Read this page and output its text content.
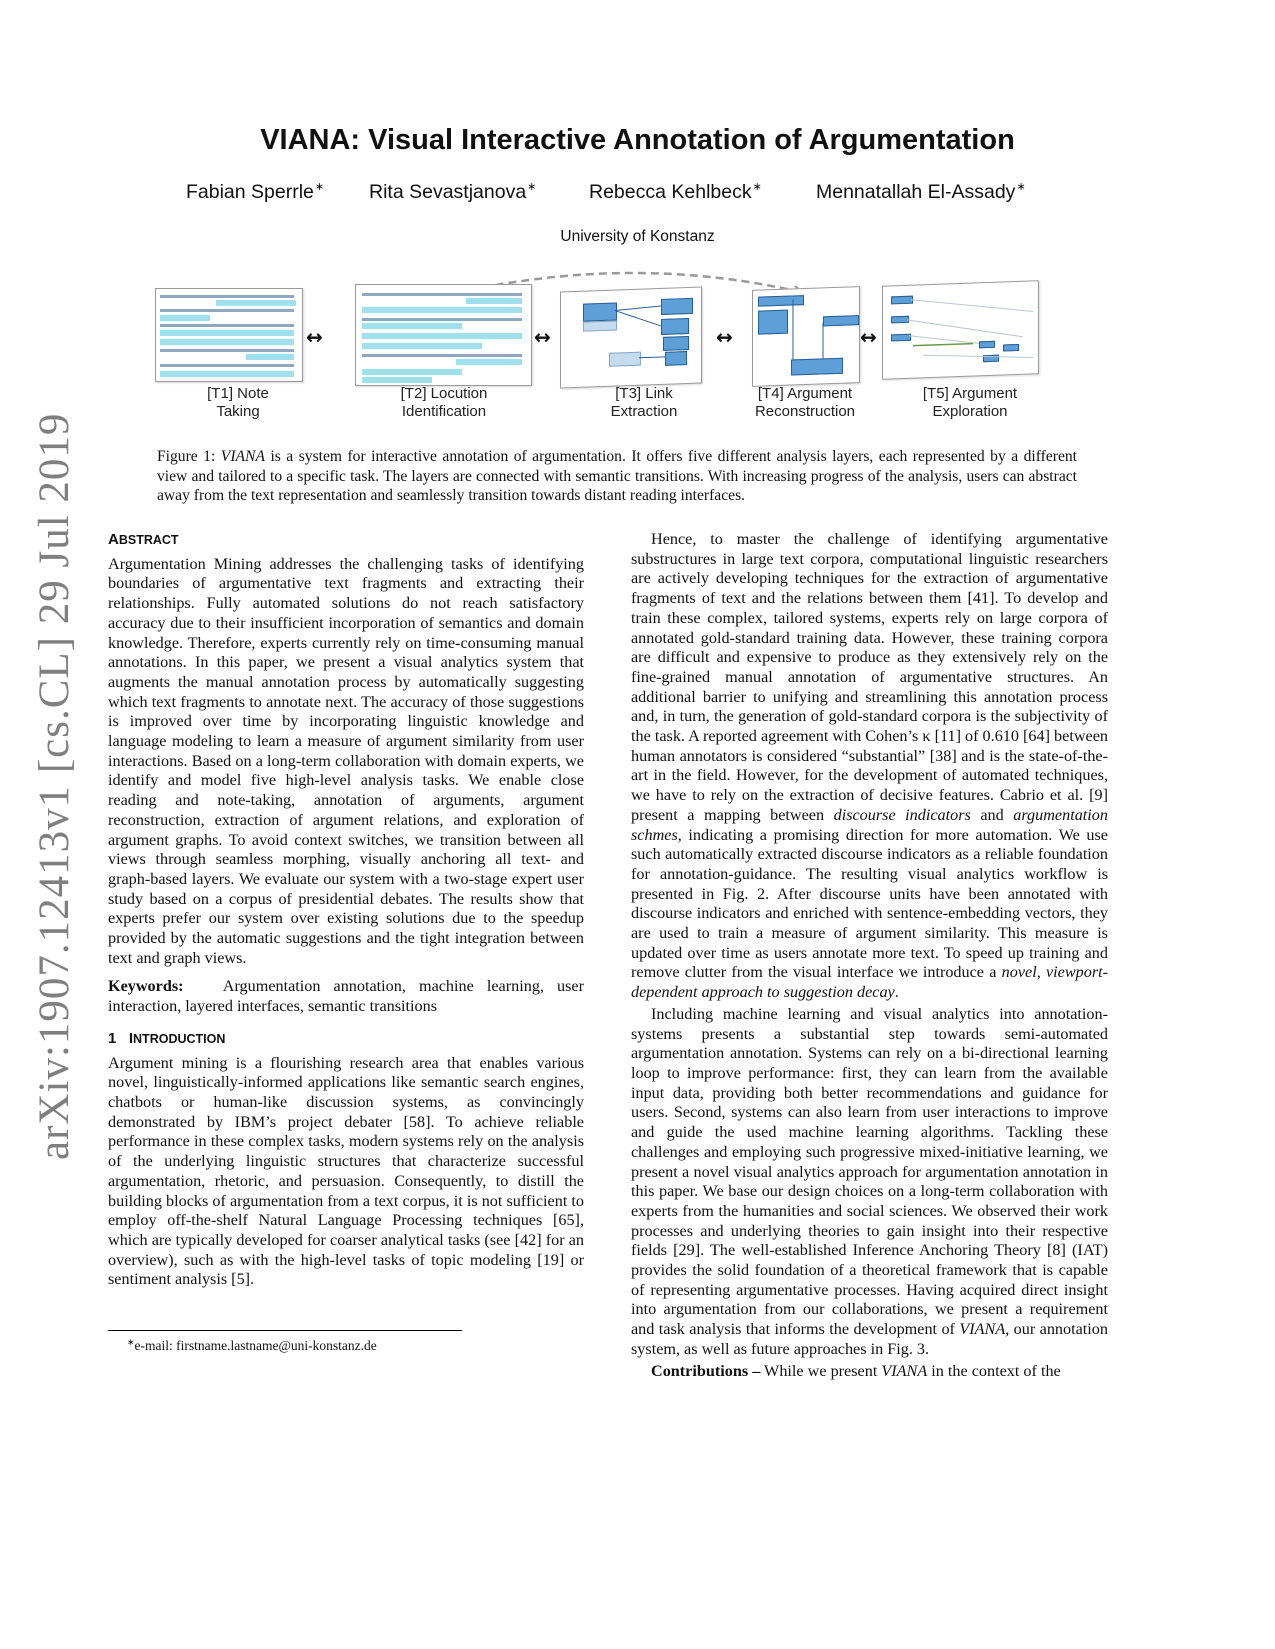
arXiv:1907.12413v1 [cs.CL] 29 Jul 2019
VIANA: Visual Interactive Annotation of Argumentation
Fabian Sperrle∗ Rita Sevastjanova∗	Rebecca Kehlbeck∗	Mennatallah El-Assady∗
University of Konstanz
↔	↔	↔	↔
[T1] Note
Taking
[T2] Locution
Identification
[T3] Link
Extraction
[T4] Argument
Reconstruction
[T5] Argument
Exploration
Figure 1: VIANA is a system for interactive annotation of argumentation. It offers five different analysis layers, each represented by a different view and tailored to a specific task. The layers are connected with semantic transitions. With increasing progress of the analysis, users can abstract away from the text representation and seamlessly transition towards distant reading interfaces.
ABSTRACT

Argumentation Mining addresses the challenging tasks of identifying boundaries of argumentative text fragments and extracting their relationships. Fully automated solutions do not reach satisfactory accuracy due to their insufficient incorporation of semantics and domain knowledge. Therefore, experts currently rely on time-consuming manual annotations. In this paper, we present a visual analytics system that augments the manual annotation process by automatically suggesting which text fragments to annotate next. The accuracy of those suggestions is improved over time by incorporating linguistic knowledge and language modeling to learn a measure of argument similarity from user interactions. Based on a long-term collaboration with domain experts, we identify and model five high-level analysis tasks. We enable close reading and note-taking, annotation of arguments, argument reconstruction, extraction of argument relations, and exploration of argument graphs. To avoid context switches, we transition between all views through seamless morphing, visually anchoring all text- and graph-based layers. We evaluate our system with a two-stage expert user study based on a corpus of presidential debates. The results show that experts prefer our system over existing solutions due to the speedup provided by the automatic suggestions and the tight integration between text and graph views.

Keywords: Argumentation annotation, machine learning, user interaction, layered interfaces, semantic transitions

1 INTRODUCTION

Argument mining is a flourishing research area that enables various novel, linguistically-informed applications like semantic search engines, chatbots or human-like discussion systems, as convincingly demonstrated by IBM’s project debater [58]. To achieve reliable performance in these complex tasks, modern systems rely on the analysis of the underlying linguistic structures that characterize successful argumentation, rhetoric, and persuasion. Consequently, to distill the building blocks of argumentation from a text corpus, it is not sufficient to employ off-the-shelf Natural Language Processing techniques [65], which are typically developed for coarser analytical tasks (see [42] for an overview), such as with the high-level tasks of topic modeling [19] or sentiment analysis [5].

∗e-mail: firstname.lastname@uni-konstanz.de

Hence, to master the challenge of identifying argumentative substructures in large text corpora, computational linguistic researchers are actively developing techniques for the extraction of argumentative fragments of text and the relations between them [41]. To develop and train these complex, tailored systems, experts rely on large corpora of annotated gold-standard training data. However, these training corpora are difficult and expensive to produce as they extensively rely on the fine-grained manual annotation of argumentative structures. An additional barrier to unifying and streamlining this annotation process and, in turn, the generation of gold-standard corpora is the subjectivity of the task. A reported agreement with Cohen’s κ [11] of 0.610 [64] between human annotators is considered “substantial” [38] and is the state-of-the-art in the field. However, for the development of automated techniques, we have to rely on the extraction of decisive features. Cabrio et al. [9] present a mapping between discourse indicators and argumentation schmes, indicating a promising direction for more automation. We use such automatically extracted discourse indicators as a reliable foundation for annotation-guidance. The resulting visual analytics workflow is presented in Fig. 2. After discourse units have been annotated with discourse indicators and enriched with sentence-embedding vectors, they are used to train a measure of argument similarity. This measure is updated over time as users annotate more text. To speed up training and remove clutter from the visual interface we introduce a novel, viewport-dependent approach to suggestion decay.

Including machine learning and visual analytics into annotation-systems presents a substantial step towards semi-automated argumentation annotation. Systems can rely on a bi-directional learning loop to improve performance: first, they can learn from the available input data, providing both better recommendations and guidance for users. Second, systems can also learn from user interactions to improve and guide the used machine learning algorithms. Tackling these challenges and employing such progressive mixed-initiative learning, we present a novel visual analytics approach for argumentation annotation in this paper. We base our design choices on a long-term collaboration with experts from the humanities and social sciences. We observed their work processes and underlying theories to gain insight into their respective fields [29]. The well-established Inference Anchoring Theory [8] (IAT) provides the solid foundation of a theoretical framework that is capable of representing argumentative processes. Having acquired direct insight into argumentation from our collaborations, we present a requirement and task analysis that informs the development of VIANA, our annotation system, as well as future approaches in Fig. 3.

Contributions – While we present VIANA in the context of the
